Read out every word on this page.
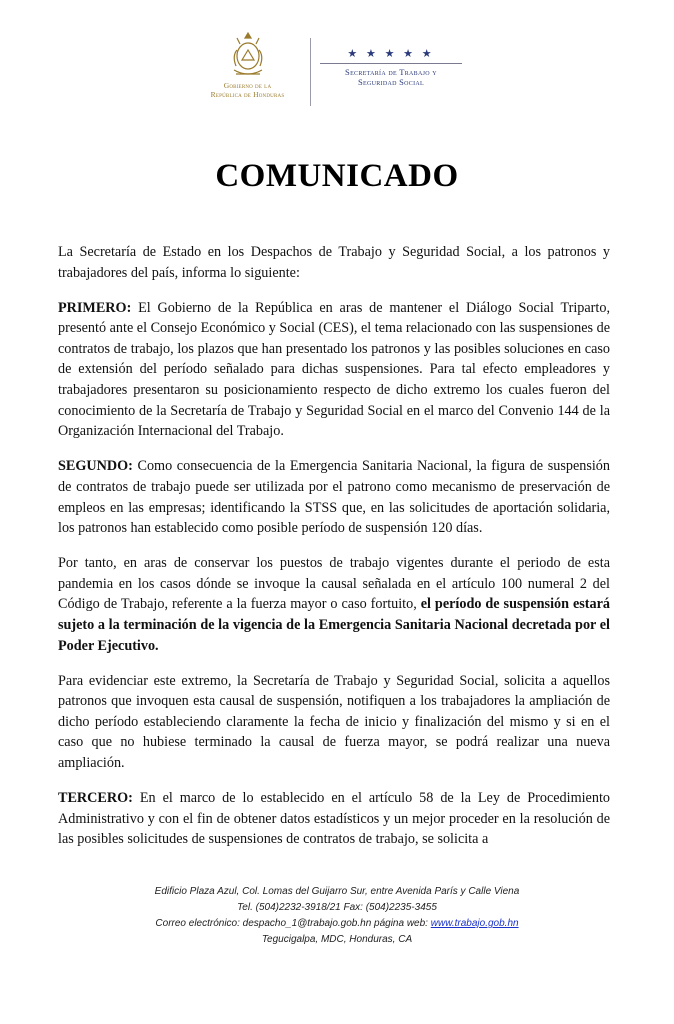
Gobierno de la
República de Honduras
★ ★ ★ ★ ★
Secretaría de Trabajo y
Seguridad Social
COMUNICADO

La Secretaría de Estado en los Despachos de Trabajo y Seguridad Social, a los patronos y trabajadores del país, informa lo siguiente:

PRIMERO: El Gobierno de la República en aras de mantener el Diálogo Social Triparto, presentó ante el Consejo Económico y Social (CES), el tema relacionado con las suspensiones de contratos de trabajo, los plazos que han presentado los patronos y las posibles soluciones en caso de extensión del período señalado para dichas suspensiones. Para tal efecto empleadores y trabajadores presentaron su posicionamiento respecto de dicho extremo los cuales fueron del conocimiento de la Secretaría de Trabajo y Seguridad Social en el marco del Convenio 144 de la Organización Internacional del Trabajo.

SEGUNDO: Como consecuencia de la Emergencia Sanitaria Nacional, la figura de suspensión de contratos de trabajo puede ser utilizada por el patrono como mecanismo de preservación de empleos en las empresas; identificando la STSS que, en las solicitudes de aportación solidaria, los patronos han establecido como posible período de suspensión 120 días.

Por tanto, en aras de conservar los puestos de trabajo vigentes durante el periodo de esta pandemia en los casos dónde se invoque la causal señalada en el artículo 100 numeral 2 del Código de Trabajo, referente a la fuerza mayor o caso fortuito, el período de suspensión estará sujeto a la terminación de la vigencia de la Emergencia Sanitaria Nacional decretada por el Poder Ejecutivo.

Para evidenciar este extremo, la Secretaría de Trabajo y Seguridad Social, solicita a aquellos patronos que invoquen esta causal de suspensión, notifiquen a los trabajadores la ampliación de dicho período estableciendo claramente la fecha de inicio y finalización del mismo y si en el caso que no hubiese terminado la causal de fuerza mayor, se podrá realizar una nueva ampliación.

TERCERO: En el marco de lo establecido en el artículo 58 de la Ley de Procedimiento Administrativo y con el fin de obtener datos estadísticos y un mejor proceder en la resolución de las posibles solicitudes de suspensiones de contratos de trabajo, se solicita a

Edificio Plaza Azul, Col. Lomas del Guijarro Sur, entre Avenida París y Calle Viena
Tel. (504)2232-3918/21 Fax: (504)2235-3455
Correo electrónico: despacho_1@trabajo.gob.hn página web: www.trabajo.gob.hn
Tegucigalpa, MDC, Honduras, CA
